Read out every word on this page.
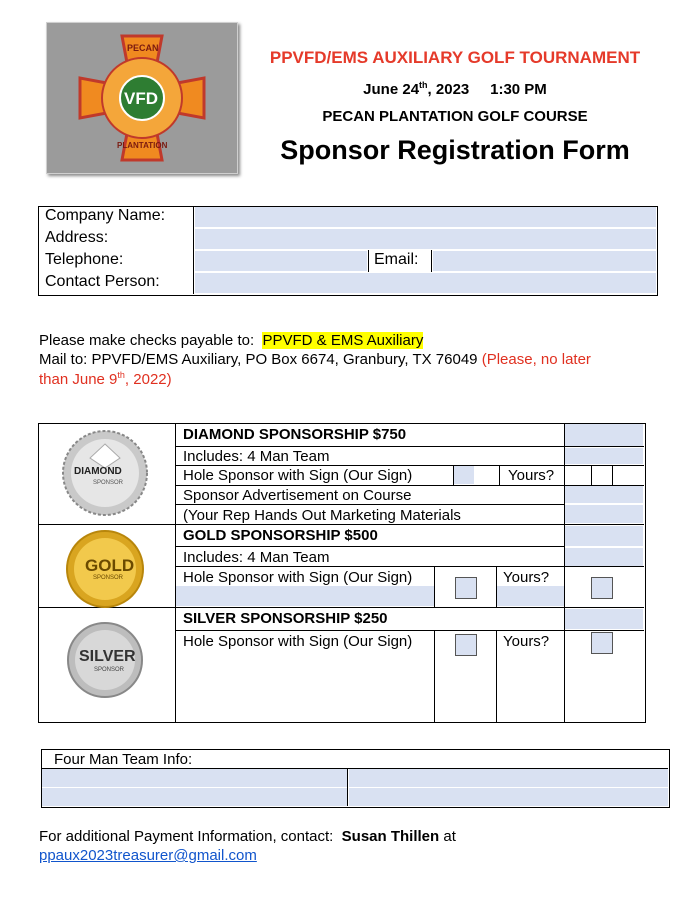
PECAN
VFD
PLANTATION
PPVFD/EMS AUXILIARY GOLF TOURNAMENT
June 24th, 2023 1:30 PM
PECAN PLANTATION GOLF COURSE
Sponsor Registration Form
Company Name:
Address:
Telephone:	Email:
Contact Person:
Please make checks payable to: PPVFD & EMS Auxiliary
Mail to: PPVFD/EMS Auxiliary, PO Box 6674, Granbury, TX 76049 (Please, no later
than June 9th, 2022)
DIAMOND
SPONSOR
GOLD
SPONSOR
SILVER
SPONSOR
DIAMOND SPONSORSHIP $750
Includes: 4 Man Team
Hole Sponsor with Sign (Our Sign)	Yours?
Sponsor Advertisement on Course
(Your Rep Hands Out Marketing Materials
GOLD SPONSORSHIP $500
Includes: 4 Man Team
Hole Sponsor with Sign (Our Sign)	Yours?
SILVER SPONSORSHIP $250
Hole Sponsor with Sign (Our Sign)	Yours?
Four Man Team Info:
For additional Payment Information, contact: Susan Thillen at
ppaux2023treasurer@gmail.com
